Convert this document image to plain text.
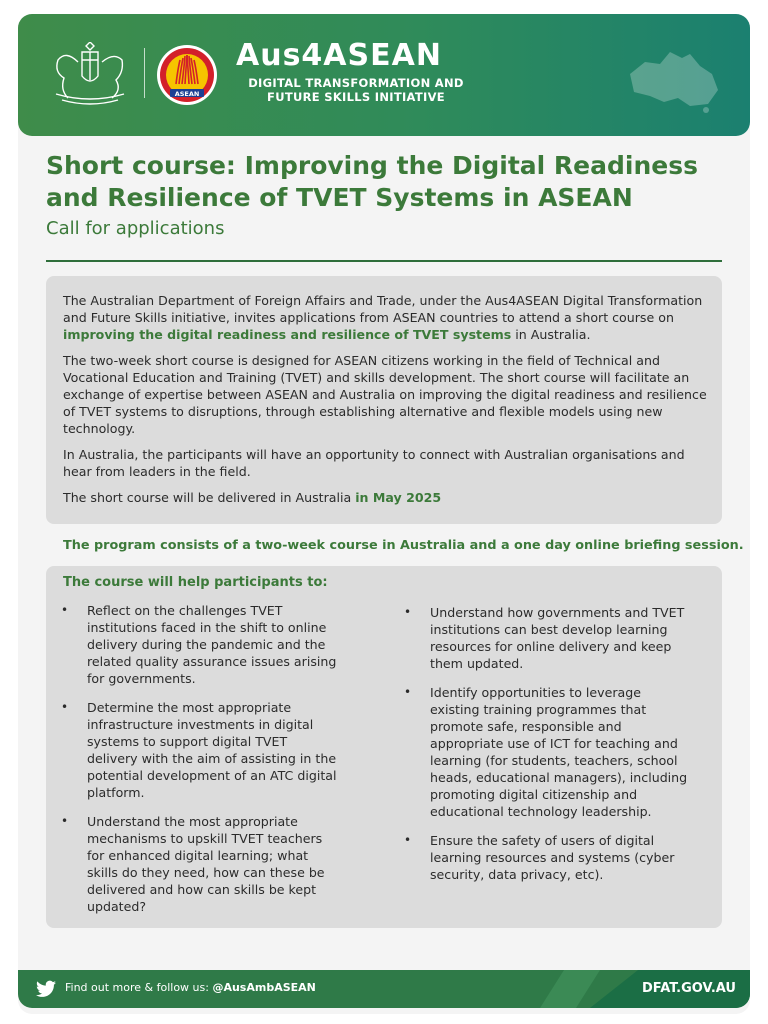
ASEAN
Aus4ASEAN
DIGITAL TRANSFORMATION AND
FUTURE SKILLS INITIATIVE
Short course: Improving the Digital Readiness
and Resilience of TVET Systems in ASEAN
Call for applications

The Australian Department of Foreign Affairs and Trade, under the Aus4ASEAN Digital Transformation and Future Skills initiative, invites applications from ASEAN countries to attend a short course on improving the digital readiness and resilience of TVET systems in Australia.

The two-week short course is designed for ASEAN citizens working in the field of Technical and Vocational Education and Training (TVET) and skills development. The short course will facilitate an exchange of expertise between ASEAN and Australia on improving the digital readiness and resilience of TVET systems to disruptions, through establishing alternative and flexible models using new technology.

In Australia, the participants will have an opportunity to connect with Australian organisations and hear from leaders in the field.

The short course will be delivered in Australia in May 2025

The program consists of a two-week course in Australia and a one day online briefing session.
The course will help participants to:
• Reflect on the challenges TVET institutions faced in the shift to online delivery during the pandemic and the related quality assurance issues arising for governments.
• Determine the most appropriate infrastructure investments in digital systems to support digital TVET delivery with the aim of assisting in the potential development of an ATC digital platform.
• Understand the most appropriate mechanisms to upskill TVET teachers for enhanced digital learning; what skills do they need, how can these be delivered and how can skills be kept updated?
• Understand how governments and TVET institutions can best develop learning resources for online delivery and keep them updated.
• Identify opportunities to leverage existing training programmes that promote safe, responsible and appropriate use of ICT for teaching and learning (for students, teachers, school heads, educational managers), including promoting digital citizenship and educational technology leadership.
• Ensure the safety of users of digital learning resources and systems (cyber security, data privacy, etc).
Find out more & follow us: @AusAmbASEAN	DFAT.GOV.AU
